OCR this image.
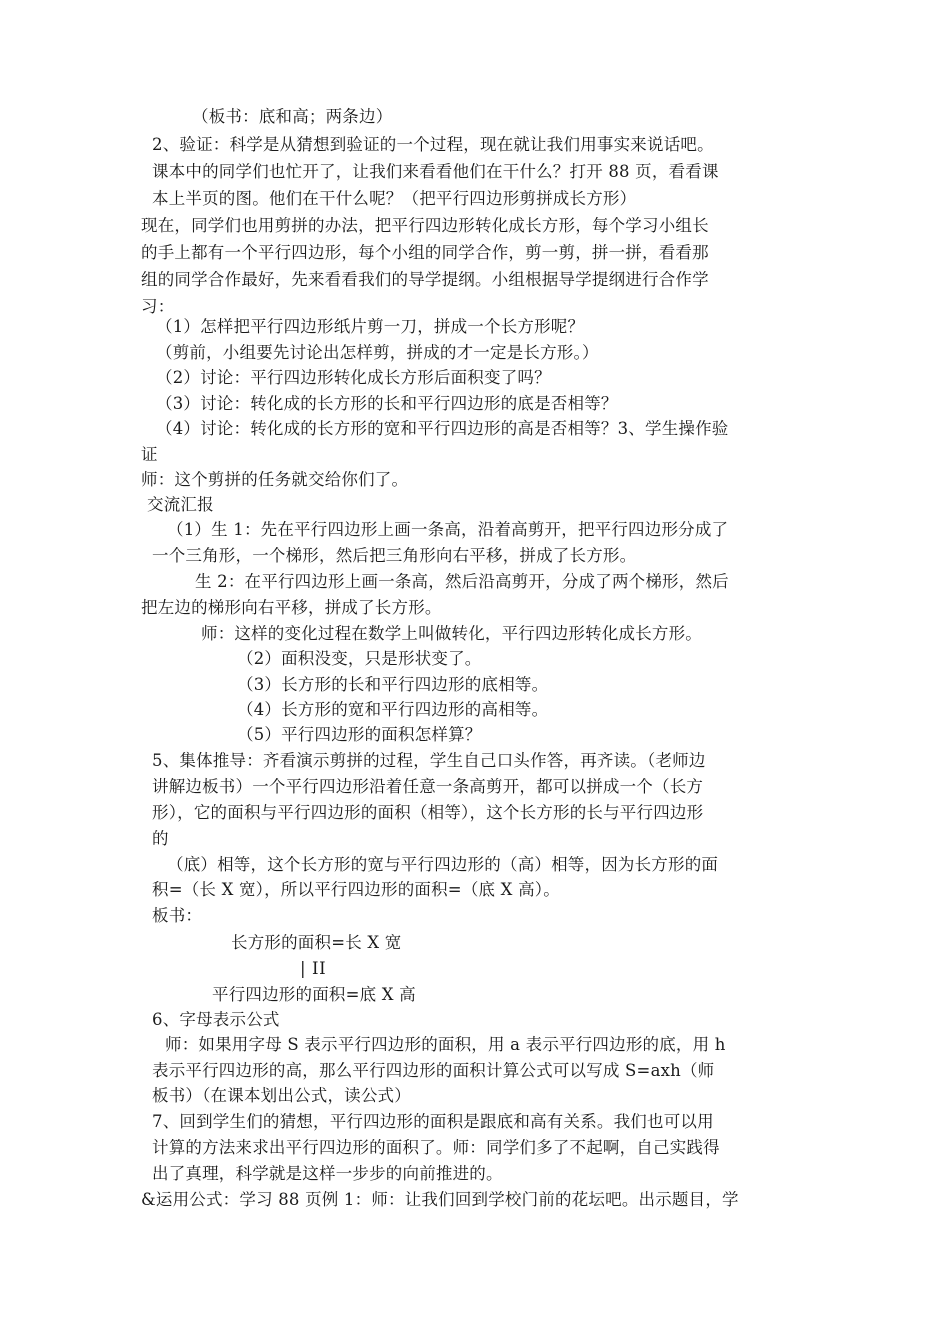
（板书：底和高；两条边）
2、验证：科学是从猜想到验证的一个过程，现在就让我们用事实来说话吧。
课本中的同学们也忙开了，让我们来看看他们在干什么？打开 88 页，看看课
本上半页的图。他们在干什么呢？（把平行四边形剪拼成长方形）
现在，同学们也用剪拼的办法，把平行四边形转化成长方形，每个学习小组长
的手上都有一个平行四边形，每个小组的同学合作，剪一剪，拼一拼，看看那
组的同学合作最好，先来看看我们的导学提纲。小组根据导学提纲进行合作学
习：
（1）怎样把平行四边形纸片剪一刀，拼成一个长方形呢？
（剪前，小组要先讨论出怎样剪，拼成的才一定是长方形。）
（2）讨论：平行四边形转化成长方形后面积变了吗？
（3）讨论：转化成的长方形的长和平行四边形的底是否相等？
（4）讨论：转化成的长方形的宽和平行四边形的高是否相等？3、学生操作验
证
师：这个剪拼的任务就交给你们了。
交流汇报
（1）生 1：先在平行四边形上画一条高，沿着高剪开，把平行四边形分成了
一个三角形，一个梯形，然后把三角形向右平移，拼成了长方形。
生 2：在平行四边形上画一条高，然后沿高剪开，分成了两个梯形，然后
把左边的梯形向右平移，拼成了长方形。
师：这样的变化过程在数学上叫做转化，平行四边形转化成长方形。
（2）面积没变，只是形状变了。
（3）长方形的长和平行四边形的底相等。
（4）长方形的宽和平行四边形的高相等。
（5）平行四边形的面积怎样算？
5、集体推导：齐看演示剪拼的过程，学生自己口头作答，再齐读。（老师边
讲解边板书）一个平行四边形沿着任意一条高剪开，都可以拼成一个（长方
形），它的面积与平行四边形的面积（相等），这个长方形的长与平行四边形
的
（底）相等，这个长方形的宽与平行四边形的（高）相等，因为长方形的面
积=（长 X 宽），所以平行四边形的面积=（底 X 高）。
板书：
长方形的面积=长 X 宽
| II
平行四边形的面积=底 X 高
6、字母表示公式
师：如果用字母 S 表示平行四边形的面积，用 a 表示平行四边形的底，用 h
表示平行四边形的高，那么平行四边形的面积计算公式可以写成 S=axh（师
板书）（在课本划出公式，读公式）
7、回到学生们的猜想，平行四边形的面积是跟底和高有关系。我们也可以用
计算的方法来求出平行四边形的面积了。师：同学们多了不起啊，自己实践得
出了真理，科学就是这样一步步的向前推进的。
&运用公式：学习 88 页例 1：师：让我们回到学校门前的花坛吧。出示题目，学
